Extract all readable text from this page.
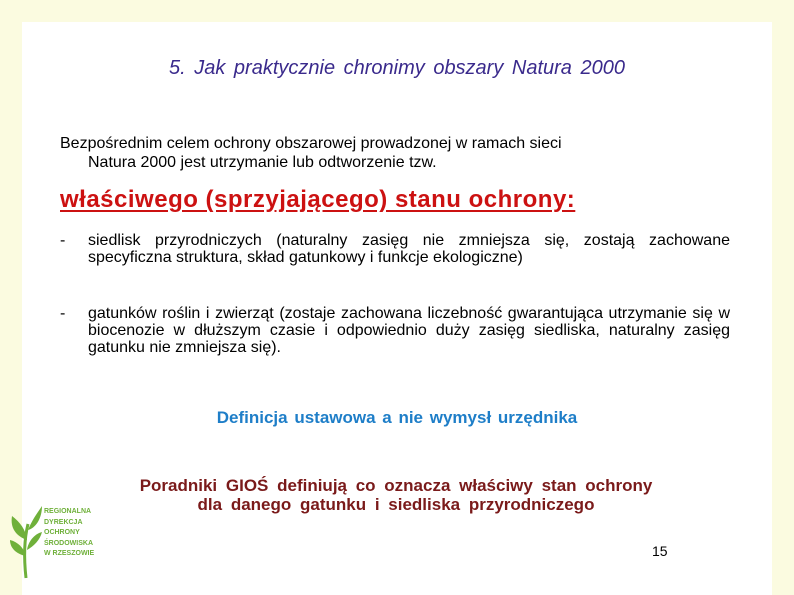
5. Jak praktycznie chronimy obszary Natura 2000
Bezpośrednim celem ochrony obszarowej prowadzonej w ramach sieci
Natura 2000 jest utrzymanie lub odtworzenie tzw.
właściwego (sprzyjającego) stanu ochrony:
- siedlisk przyrodniczych (naturalny zasięg nie zmniejsza się, zostają zachowane specyficzna struktura, skład gatunkowy i funkcje ekologiczne)
- gatunków roślin i zwierząt (zostaje zachowana liczebność gwarantująca utrzymanie się w biocenozie w dłuższym czasie i odpowiednio duży zasięg siedliska, naturalny zasięg gatunku nie zmniejsza się).
Definicja ustawowa a nie wymysł urzędnika
Poradniki GIOŚ definiują co oznacza właściwy stan ochrony
dla danego gatunku i siedliska przyrodniczego
15
REGIONALNA
DYREKCJA
OCHRONY
ŚRODOWISKA
W RZESZOWIE
